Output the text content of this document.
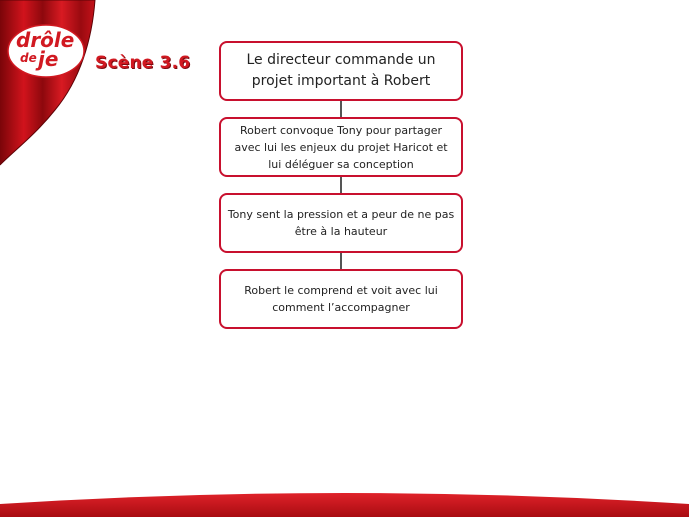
drôle
de je Scène 3.6	Le directeur commande un projet important à Robert
Robert convoque Tony pour partager avec lui les enjeux du projet Haricot et lui déléguer sa conception
Tony sent la pression et a peur de ne pas être à la hauteur
Robert le comprend et voit avec lui comment l’accompagner
